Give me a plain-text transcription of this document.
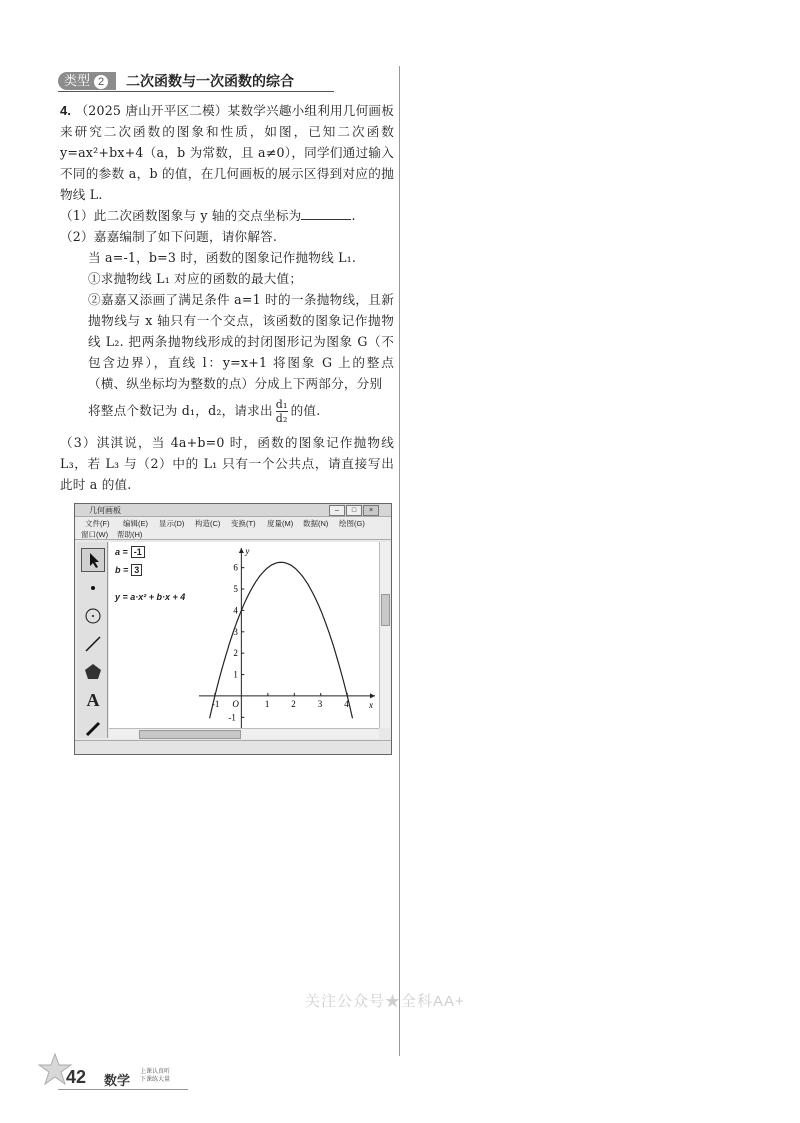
类型 2	二次函数与一次函数的综合
4. （2025 唐山开平区二模）某数学兴趣小组利用几何画板来研究二次函数的图象和性质，如图，已知二次函数 y=ax²+bx+4（a，b 为常数，且 a≠0），同学们通过输入不同的参数 a，b 的值，在几何画板的展示区得到对应的抛物线 L.
（1）此二次函数图象与 y 轴的交点坐标为	.
（2）嘉嘉编制了如下问题，请你解答.
当 a=-1，b=3 时，函数的图象记作抛物线 L₁.
①求抛物线 L₁ 对应的函数的最大值；
②嘉嘉又添画了满足条件 a=1 时的一条抛物线，且新抛物线与 x 轴只有一个交点，该函数的图象记作抛物线 L₂. 把两条抛物线形成的封闭图形记为图象 G（不包含边界），直线 l：y=x+1 将图象 G 上的整点（横、纵坐标均为整数的点）分成上下两部分，分别
将整点个数记为 d₁，d₂，请求出 $\frac{\text{d₁}}{\text{d₂}}$ 的值.
（3）淇淇说，当 4a+b=0 时，函数的图象记作抛物线 L₃，若 L₃ 与（2）中的 L₁ 只有一个公共点，请直接写出此时 a 的值.
几何画板	–	□	×
文件(F) 编辑(E) 显示(D) 构造(C) 变换(T) 度量(M) 数据(N) 绘图(G)
窗口(W) 帮助(H)
A
a = -1
b = 3
y = a·x² + b·x + 4
x
y
-1 O	1 2 3 4
-1
1
2
3
4
5
6
关注公众号★全科AA+
42 数学
上课认真听
下课练大量
